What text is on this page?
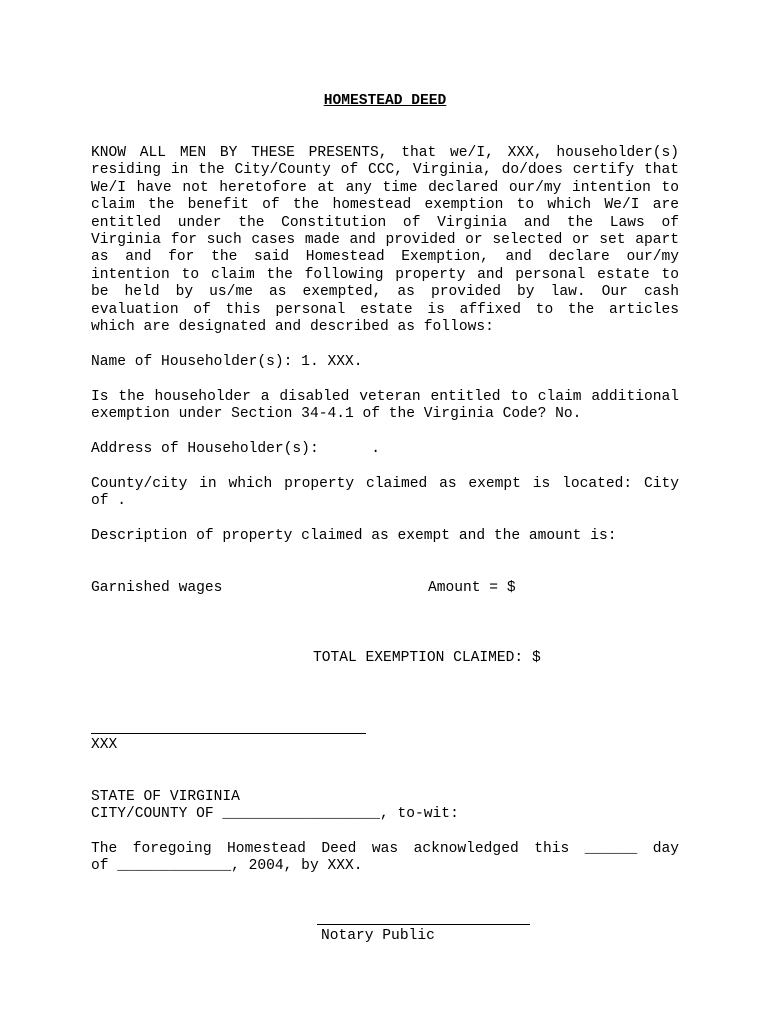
HOMESTEAD DEED
KNOW ALL MEN BY THESE PRESENTS, that we/I, XXX, householder(s)
residing in the City/County of CCC, Virginia, do/does certify that
We/I have not heretofore at any time declared our/my intention to
claim the benefit of the homestead exemption to which We/I are
entitled under the Constitution of Virginia and the Laws of
Virginia for such cases made and provided or selected or set apart
as and for the said Homestead Exemption, and declare our/my
intention to claim the following property and personal estate to
be held by us/me as exempted, as provided by law. Our cash
evaluation of this personal estate is affixed to the articles
which are designated and described as follows:
Name of Householder(s): 1. XXX.
Is the householder a disabled veteran entitled to claim additional
exemption under Section 34-4.1 of the Virginia Code? No.
Address of Householder(s):      .
County/city in which property claimed as exempt is located: City
of .
Description of property claimed as exempt and the amount is:
Garnished wages	Amount = $
TOTAL EXEMPTION CLAIMED: $
XXX
STATE OF VIRGINIA
CITY/COUNTY OF __________________, to-wit:
The foregoing Homestead Deed was acknowledged this ______ day
of _____________, 2004, by XXX.
Notary Public
